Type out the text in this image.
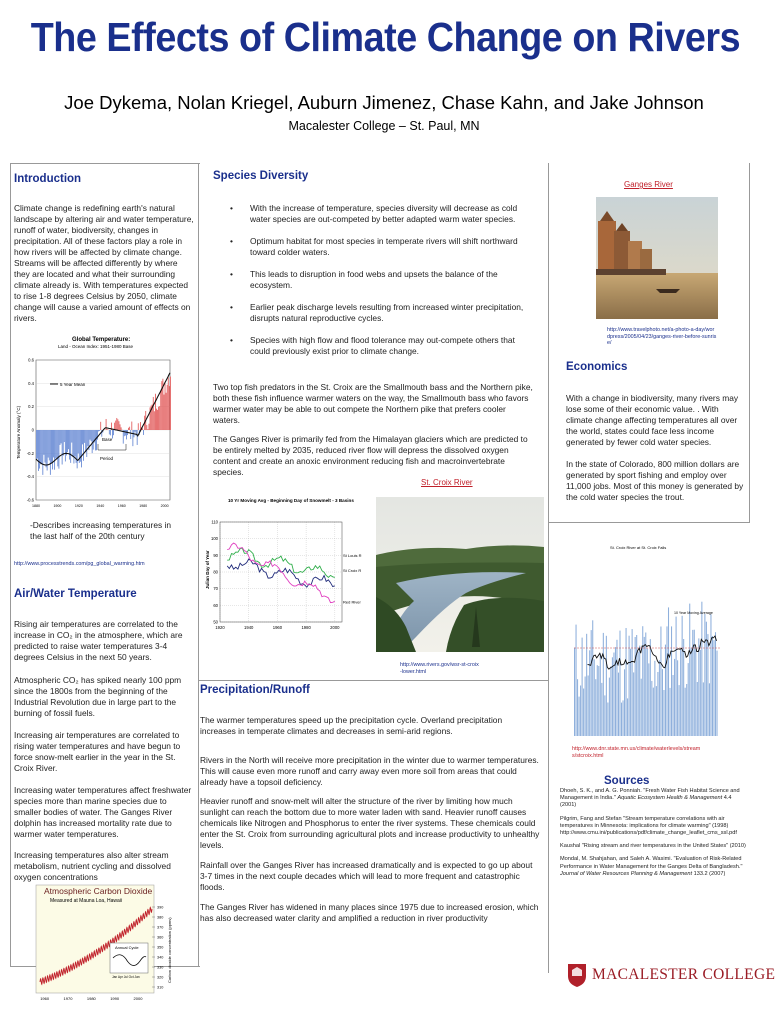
The Effects of Climate Change on Rivers
Joe Dykema, Nolan Kriegel, Auburn Jimenez, Chase Kahn, and Jake Johnson
Macalester College – St. Paul, MN
Introduction
Climate change is redefining earth's natural landscape by altering air and water temperature, runoff of water, biodiversity, changes in precipitation. All of these factors play a role in how rivers will be affected by climate change. Streams will be affected differently by where they are located and what their surrounding climate already is. With temperatures expected to rise 1-8 degrees Celsius by 2050, climate change will cause a varied amount of effects on rivers.
Global Temperature:
Land - Ocean Index: 1951-1980 Base
Temperature Anomaly (°C)
0.6
0.4
0.2
0
-0.2
-0.4
-0.6
1880	1900	1920	1940	1960	1980	2000
5 Year Mean
Base
Period
-Describes increasing temperatures in the last half of the 20th century
http://www.processtrends.com/pg_global_warming.htm
Air/Water Temperature
Rising air temperatures are correlated to the increase in CO₂ in the atmosphere, which are predicted to raise water temperatures 3-4 degrees Celsius in the next 50 years.
Atmospheric CO₂ has spiked nearly 100 ppm since the 1800s from the beginning of the Industrial Revolution due in large part to the burning of fossil fuels.
Increasing air temperatures are correlated to rising water temperatures and have begun to force snow-melt earlier in the year in the St. Croix River.
Increasing water temperatures affect freshwater species more than marine species due to smaller bodies of water. The Ganges River dolphin has increased mortality rate due to warmer water temperatures.
Increasing temperatures also alter stream metabolism, nutrient cycling and dissolved oxygen concentrations
Atmospheric Carbon Dioxide
Measured at Mauna Loa, Hawaii
390
380
370
360
350
340
330
320
310
1960	1970	1980	1990	2000
Annual Cycle
Jan Apr Jul Oct Jan	Carbon dioxide concentration (ppmv)
Species Diversity
• With the increase of temperature, species diversity will decrease as cold water species are out-competed by better adapted warm water species.
• Optimum habitat for most species in temperate rivers will shift northward toward colder waters.
• This leads to disruption in food webs and upsets the balance of the ecosystem.
• Earlier peak discharge levels resulting from increased winter precipitation, disrupts natural reproductive cycles.
• Species with high flow and flood tolerance may out-compete others that could previously exist prior to climate change.
Two top fish predators in the St. Croix are the Smallmouth bass and the Northern pike, both these fish influence warmer waters on the way, the Smallmouth bass who favors warmer water may be able to out compete the Northern pike that prefers cooler waters.
The Ganges River is primarily fed from the Himalayan glaciers which are predicted to be entirely melted by 2035, reduced river flow will depress the dissolved oxygen content and create an anoxic environment reducing fish and macroinvertebrate species.
10 Yr Moving Avg - Beginning Day of Snowmelt - 3 Basins
Julian Day of Year
110
100
90
80
70
60
50
1920	1940	1960	1980	2000
St Louis R
St Croix R
Red River
St. Croix River
http://www.rivers.gov/wsr-st-croix-lower.html
Precipitation/Runoff
The warmer temperatures speed up the precipitation cycle. Overland precipitation increases in temperate climates and decreases in semi-arid regions.
Rivers in the North will receive more precipitation in the winter due to warmer temperatures. This will cause even more runoff and carry away even more soil from areas that could already have a topsoil deficiency.
Heavier runoff and snow-melt will alter the structure of the river by limiting how much sunlight can reach the bottom due to more water laden with sand. Heavier runoff causes chemicals like Nitrogen and Phosphorus to enter the river systems. These chemicals could enter the St. Croix from surrounding agricultural plots and increase productivity to unhealthy levels.
Rainfall over the Ganges River has increased dramatically and is expected to go up about 3-7 times in the next couple decades which will lead to more frequent and catastrophic floods.
The Ganges River has widened in many places since 1975 due to increased erosion, which has also decreased water clarity and amplified a reduction in river productivity
Ganges River
http://www.travelphoto.net/a-photo-a-day/wordpress/2005/04/23/ganges-river-before-sunrise/
Economics
With a change in biodiversity, many rivers may lose some of their economic value. . With climate change affecting temperatures all over the world, states could face less income generated by fewer cold water species.
In the state of Colorado, 800 million dollars are generated by sport fishing and employ over 11,000 jobs. Most of this money is generated by the cold water species the trout.
St. Croix River at St. Croix Falls
10 Year Moving Average
http://www.dnr.state.mn.us/climate/waterlevels/streams/stcroix.html
Sources
Dhoeh, S. K., and A. G. Ponniah. "Fresh Water Fish Habitat Science and Management in India." Aquatic Ecosystem Health & Management 4.4 (2001)
Pilgrim, Fang and Stefan "Stream temperature correlations with air temperatures in Minnesota: implications for climate warming" (1998) http://www.cmu.ini/publications/pdf/climate_change_leaflet_cms_ssl.pdf
Kaushal "Rising stream and river temperatures in the United States" (2010)
Mondal, M. Shahjahan, and Saleh A. Wasimi. "Evaluation of Risk-Related Performance in Water Management for the Ganges Delta of Bangladesh." Journal of Water Resources Planning & Management 133.2 (2007)
MACALESTER COLLEGE
